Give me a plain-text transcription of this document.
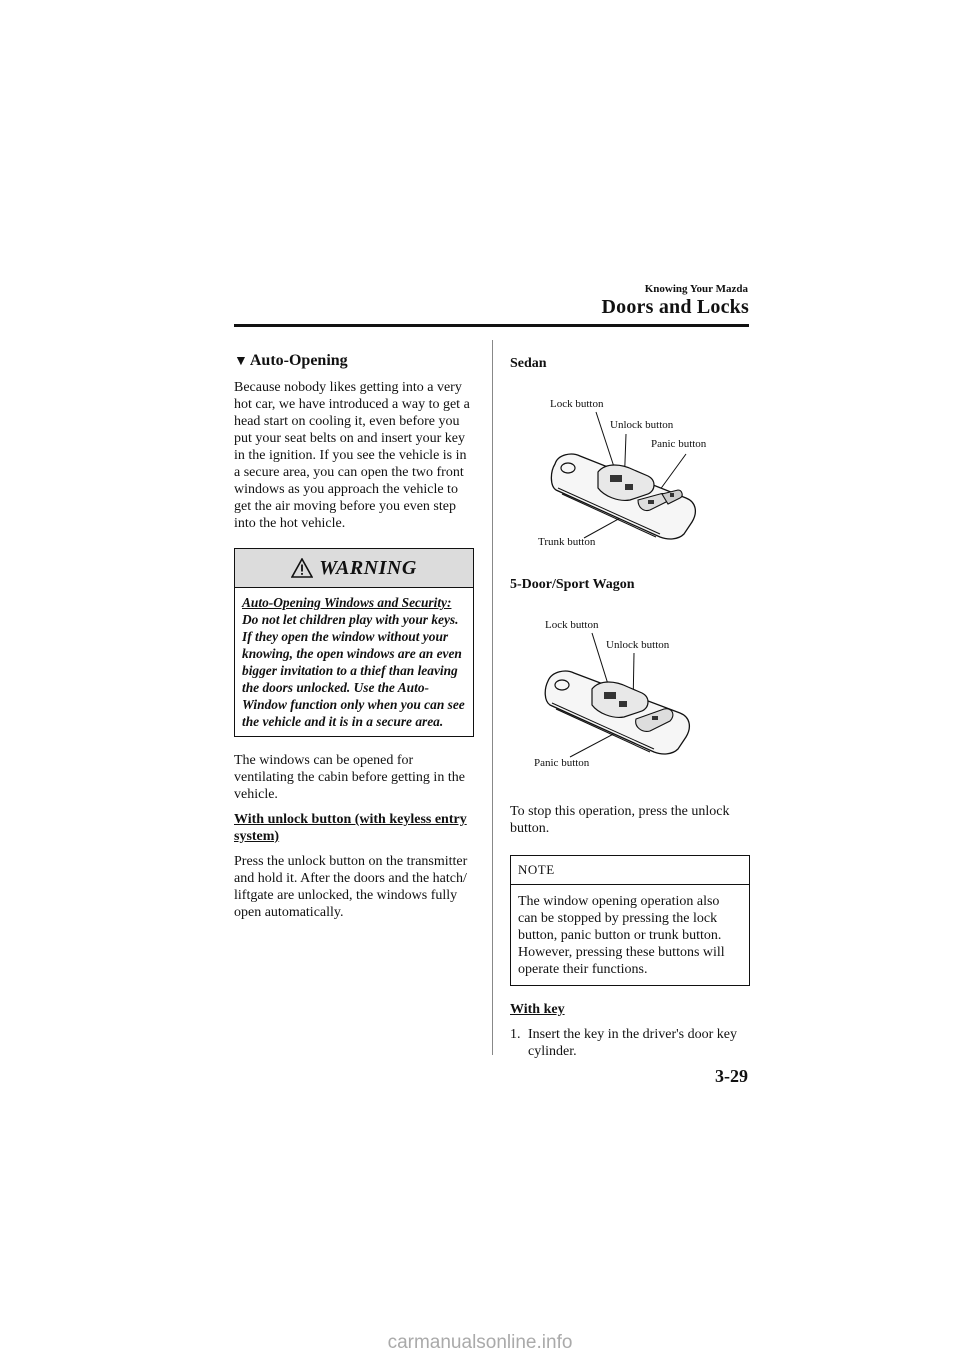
Knowing Your Mazda
Doors and Locks
▼ Auto-Opening

Because nobody likes getting into a very hot car, we have introduced a way to get a head start on cooling it, even before you put your seat belts on and insert your key in the ignition. If you see the vehicle is in a secure area, you can open the two front windows as you approach the vehicle to get the air moving before you even step into the hot vehicle.

WARNING
Auto-Opening Windows and Security:
Do not let children play with your keys. If they open the window without your knowing, the open windows are an even bigger invitation to a thief than leaving the doors unlocked. Use the Auto-Window function only when you can see the vehicle and it is in a secure area.

The windows can be opened for ventilating the cabin before getting in the vehicle.

With unlock button (with keyless entry system)

Press the unlock button on the transmitter and hold it. After the doors and the hatch/ liftgate are unlocked, the windows fully open automatically.

Sedan
Lock button
Unlock button
Panic button
Trunk button
5-Door/Sport Wagon
Lock button
Unlock button
Panic button

To stop this operation, press the unlock button.

NOTE
The window opening operation also can be stopped by pressing the lock button, panic button or trunk button. However, pressing these buttons will operate their functions.
With key
1. Insert the key in the driver's door key cylinder.
3-29
carmanualsonline.info
